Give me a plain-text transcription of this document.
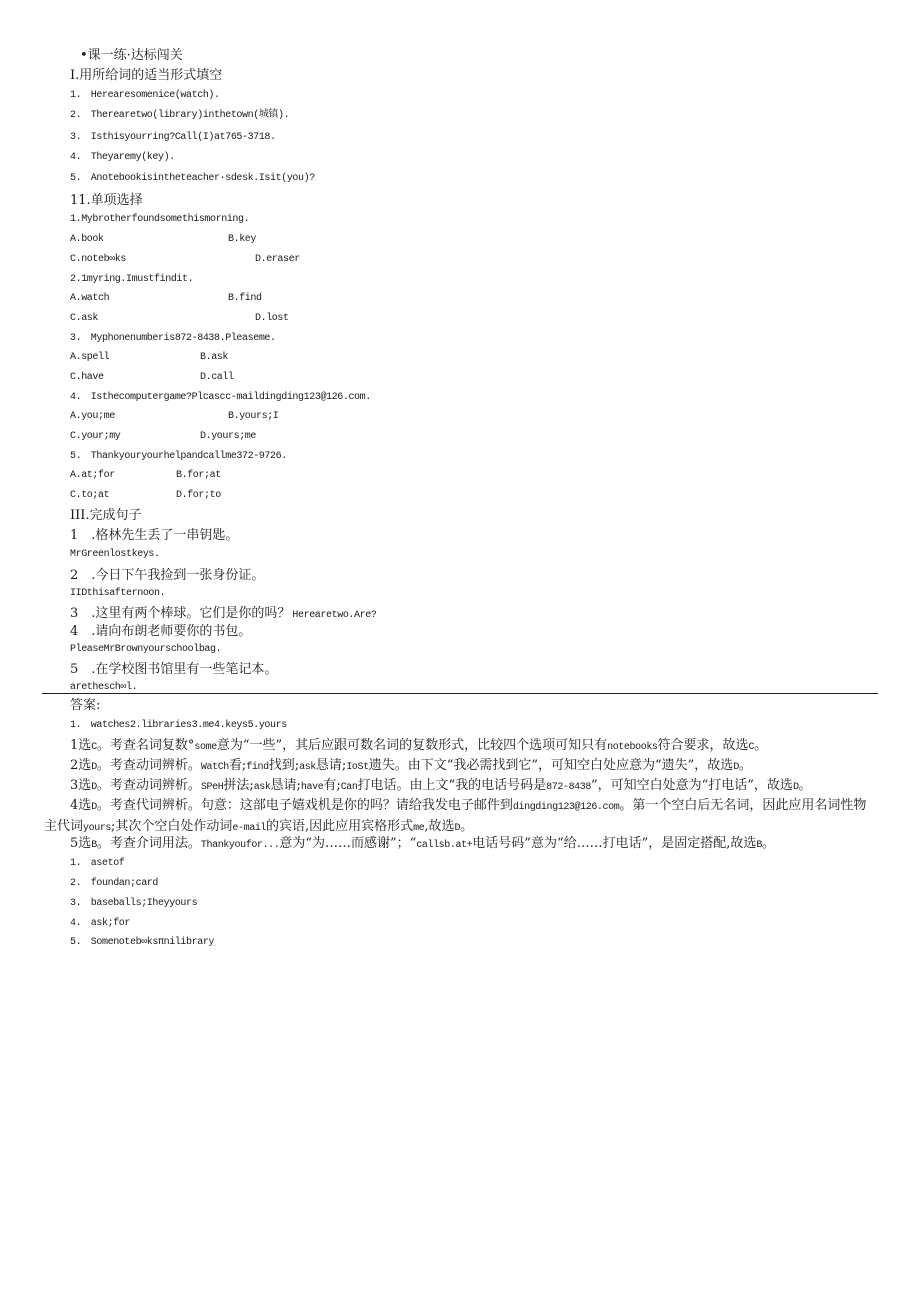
•课一练·达标闯关
I.用所给词的适当形式填空
1.　Herearesomenice(watch).
2.　Therearetwo(library)inthetown(城镇).
3.　Isthisyourring?Call(I)at765-3718.
4.　Theyaremy(key).
5.　Anotebookisintheteacher·sdesk.Isit(you)?
11.单项选择
1.Mybrotherfoundsomethismorning.
A.book	B.key
C.noteb∞ks	D.eraser
2.1myring.Imustfindit.
A.watch	B.find
C.ask	D.lost
3.　Myphonenumberis872-8438.Pleaseme.
A.spell	B.ask
C.have	D.call
4.　Isthecomputergame?Plcascc-maildingding123@126.com.
A.you;me	B.yours;I
C.your;my	D.yours;me
5.　Thankyouryourhelpandcallme372-9726.
A.at;for	B.for;at
C.to;at	D.for;to
III.完成句子
1　.格林先生丢了一串钥匙。
MrGreenlostkeys.
2　.今日下午我捡到一张身份证。
IIDthisafternoon.
3　.这里有两个棒球。它们是你的吗？ Herearetwo.Are?
4　.请向布朗老师要你的书包。
PleaseMrBrownyourschoolbag.
5　.在学校图书馆里有一些笔记本。
arethesch∞l.
答案:
1.　watches2.libraries3.me4.keys5.yours
1选C。考查名词复数°some意为“一些”，其后应跟可数名词的复数形式，比较四个选项可知只有notebooks符合要求，故选C。
2选D。考查动词辨析。WatCh看;find找到;ask恳请;IoSt遗失。由下文“我必需找到它”，可知空白处应意为“遗失”，故选D。
3选D。考查动词辨析。SPeH拼法;ask恳请;have有;Can打电话。由上文“我的电话号码是872-8438”，可知空白处意为“打电话”，故选D。
4选D。考查代词辨析。句意：这部电子嬉戏机是你的吗？请给我发电子邮件到dingding123@126.com。第一个空白后无名词，因此应用名词性物主代词yours;其次个空白处作动词e-mail的宾语,因此应用宾格形式me,故选D。
5选B。考查介词用法。Thankyoufor...意为“为……而感谢”；“callsb.at+电话号码”意为“给……打电话”，是固定搭配,故选B。
1.　asetof
2.　foundan;card
3.　baseballs;Iheyyours
4.　ask;for
5.　Somenoteb∞ksπnilibrary
